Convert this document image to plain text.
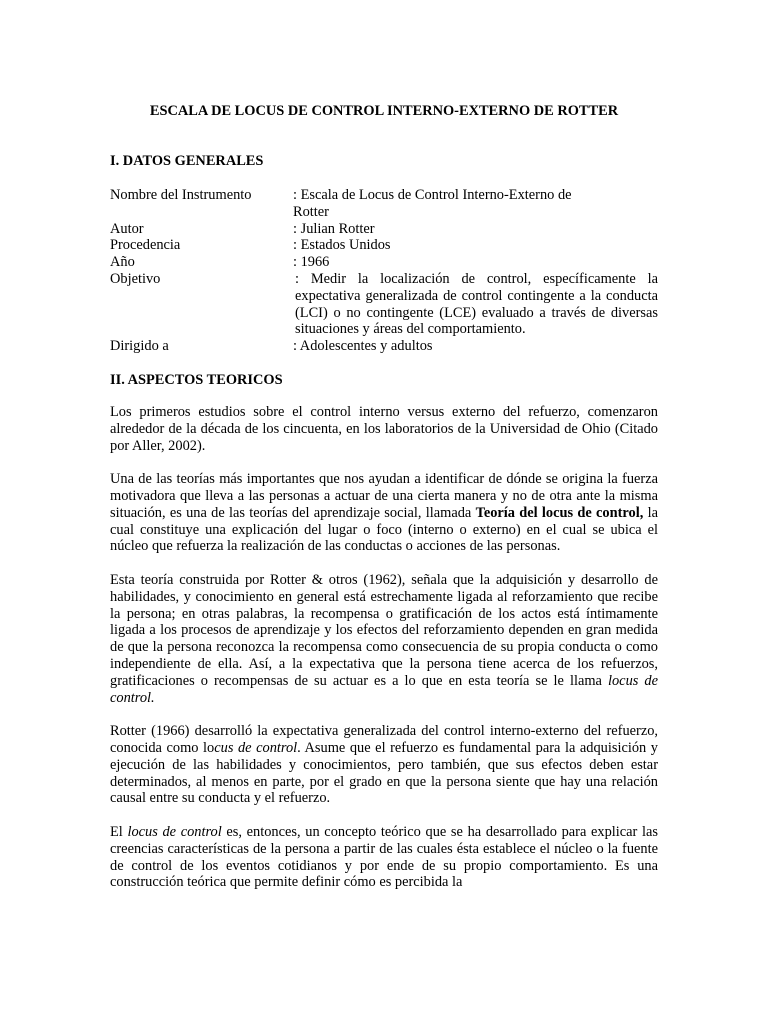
ESCALA DE LOCUS DE CONTROL INTERNO-EXTERNO DE ROTTER
I. DATOS GENERALES
Nombre del Instrumento	: Escala de Locus de Control Interno-Externo de Rotter
Autor	: Julian Rotter
Procedencia	: Estados Unidos
Año	: 1966
Objetivo	: Medir la localización de control, específicamente la expectativa generalizada de control contingente a la conducta (LCI) o no contingente (LCE) evaluado a través de diversas situaciones y áreas del comportamiento.
Dirigido a	: Adolescentes y adultos
II. ASPECTOS TEORICOS

Los primeros estudios sobre el control interno versus externo del refuerzo, comenzaron alrededor de la década de los cincuenta, en los laboratorios de la Universidad de Ohio (Citado por Aller, 2002).

Una de las teorías más importantes que nos ayudan a identificar de dónde se origina la fuerza motivadora que lleva a las personas a actuar de una cierta manera y no de otra ante la misma situación, es una de las teorías del aprendizaje social, llamada Teoría del locus de control, la cual constituye una explicación del lugar o foco (interno o externo) en el cual se ubica el núcleo que refuerza la realización de las conductas o acciones de las personas.

Esta teoría construida por Rotter & otros (1962), señala que la adquisición y desarrollo de habilidades, y conocimiento en general está estrechamente ligada al reforzamiento que recibe la persona; en otras palabras, la recompensa o gratificación de los actos está íntimamente ligada a los procesos de aprendizaje y los efectos del reforzamiento dependen en gran medida de que la persona reconozca la recompensa como consecuencia de su propia conducta o como independiente de ella. Así, a la expectativa que la persona tiene acerca de los refuerzos, gratificaciones o recompensas de su actuar es a lo que en esta teoría se le llama locus de control.

Rotter (1966) desarrolló la expectativa generalizada del control interno-externo del refuerzo, conocida como locus de control. Asume que el refuerzo es fundamental para la adquisición y ejecución de las habilidades y conocimientos, pero también, que sus efectos deben estar determinados, al menos en parte, por el grado en que la persona siente que hay una relación causal entre su conducta y el refuerzo.

El locus de control es, entonces, un concepto teórico que se ha desarrollado para explicar las creencias características de la persona a partir de las cuales ésta establece el núcleo o la fuente de control de los eventos cotidianos y por ende de su propio comportamiento. Es una construcción teórica que permite definir cómo es percibida la
